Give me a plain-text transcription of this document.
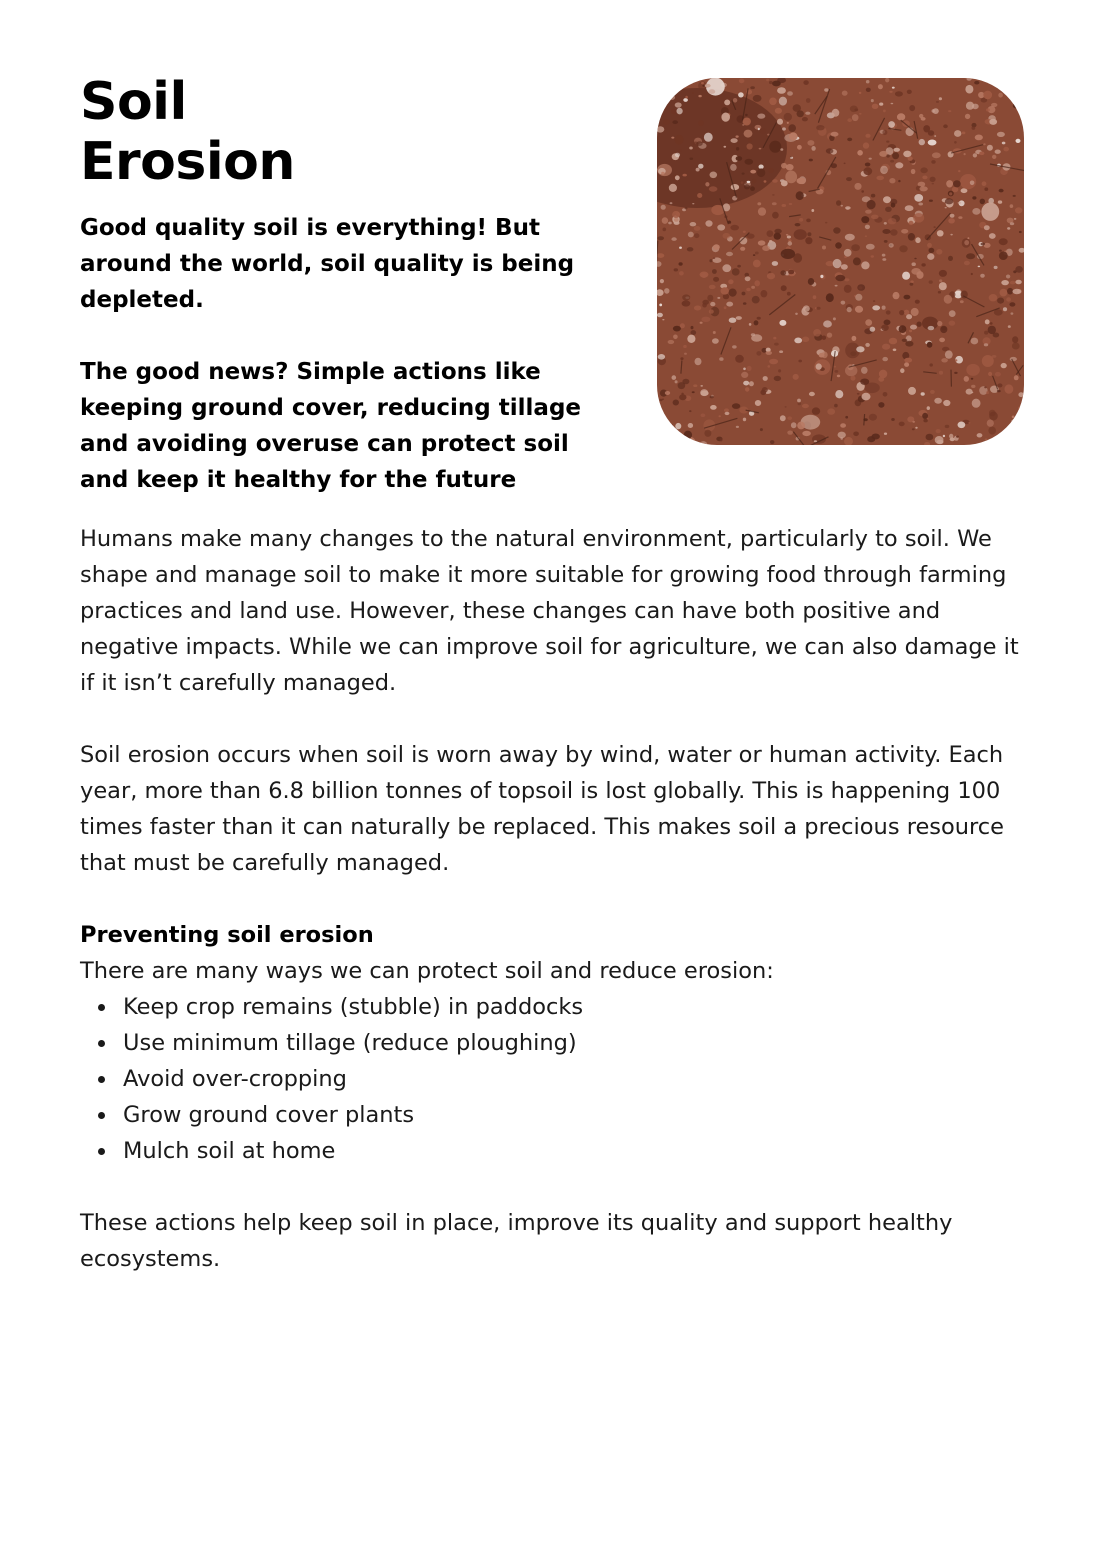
Soil
Erosion

Good quality soil is everything! But around the world, soil quality is being depleted.

The good news? Simple actions like keeping ground cover, reducing tillage and avoiding overuse can protect soil and keep it healthy for the future

Humans make many changes to the natural environment, particularly to soil. We shape and manage soil to make it more suitable for growing food through farming practices and land use. However, these changes can have both positive and negative impacts. While we can improve soil for agriculture, we can also damage it if it isn’t carefully managed.

Soil erosion occurs when soil is worn away by wind, water or human activity. Each year, more than 6.8 billion tonnes of topsoil is lost globally. This is happening 100 times faster than it can naturally be replaced. This makes soil a precious resource that must be carefully managed.

Preventing soil erosion

There are many ways we can protect soil and reduce erosion:

Keep crop remains (stubble) in paddocks
Use minimum tillage (reduce ploughing)
Avoid over-cropping
Grow ground cover plants
Mulch soil at home

These actions help keep soil in place, improve its quality and support healthy ecosystems.
